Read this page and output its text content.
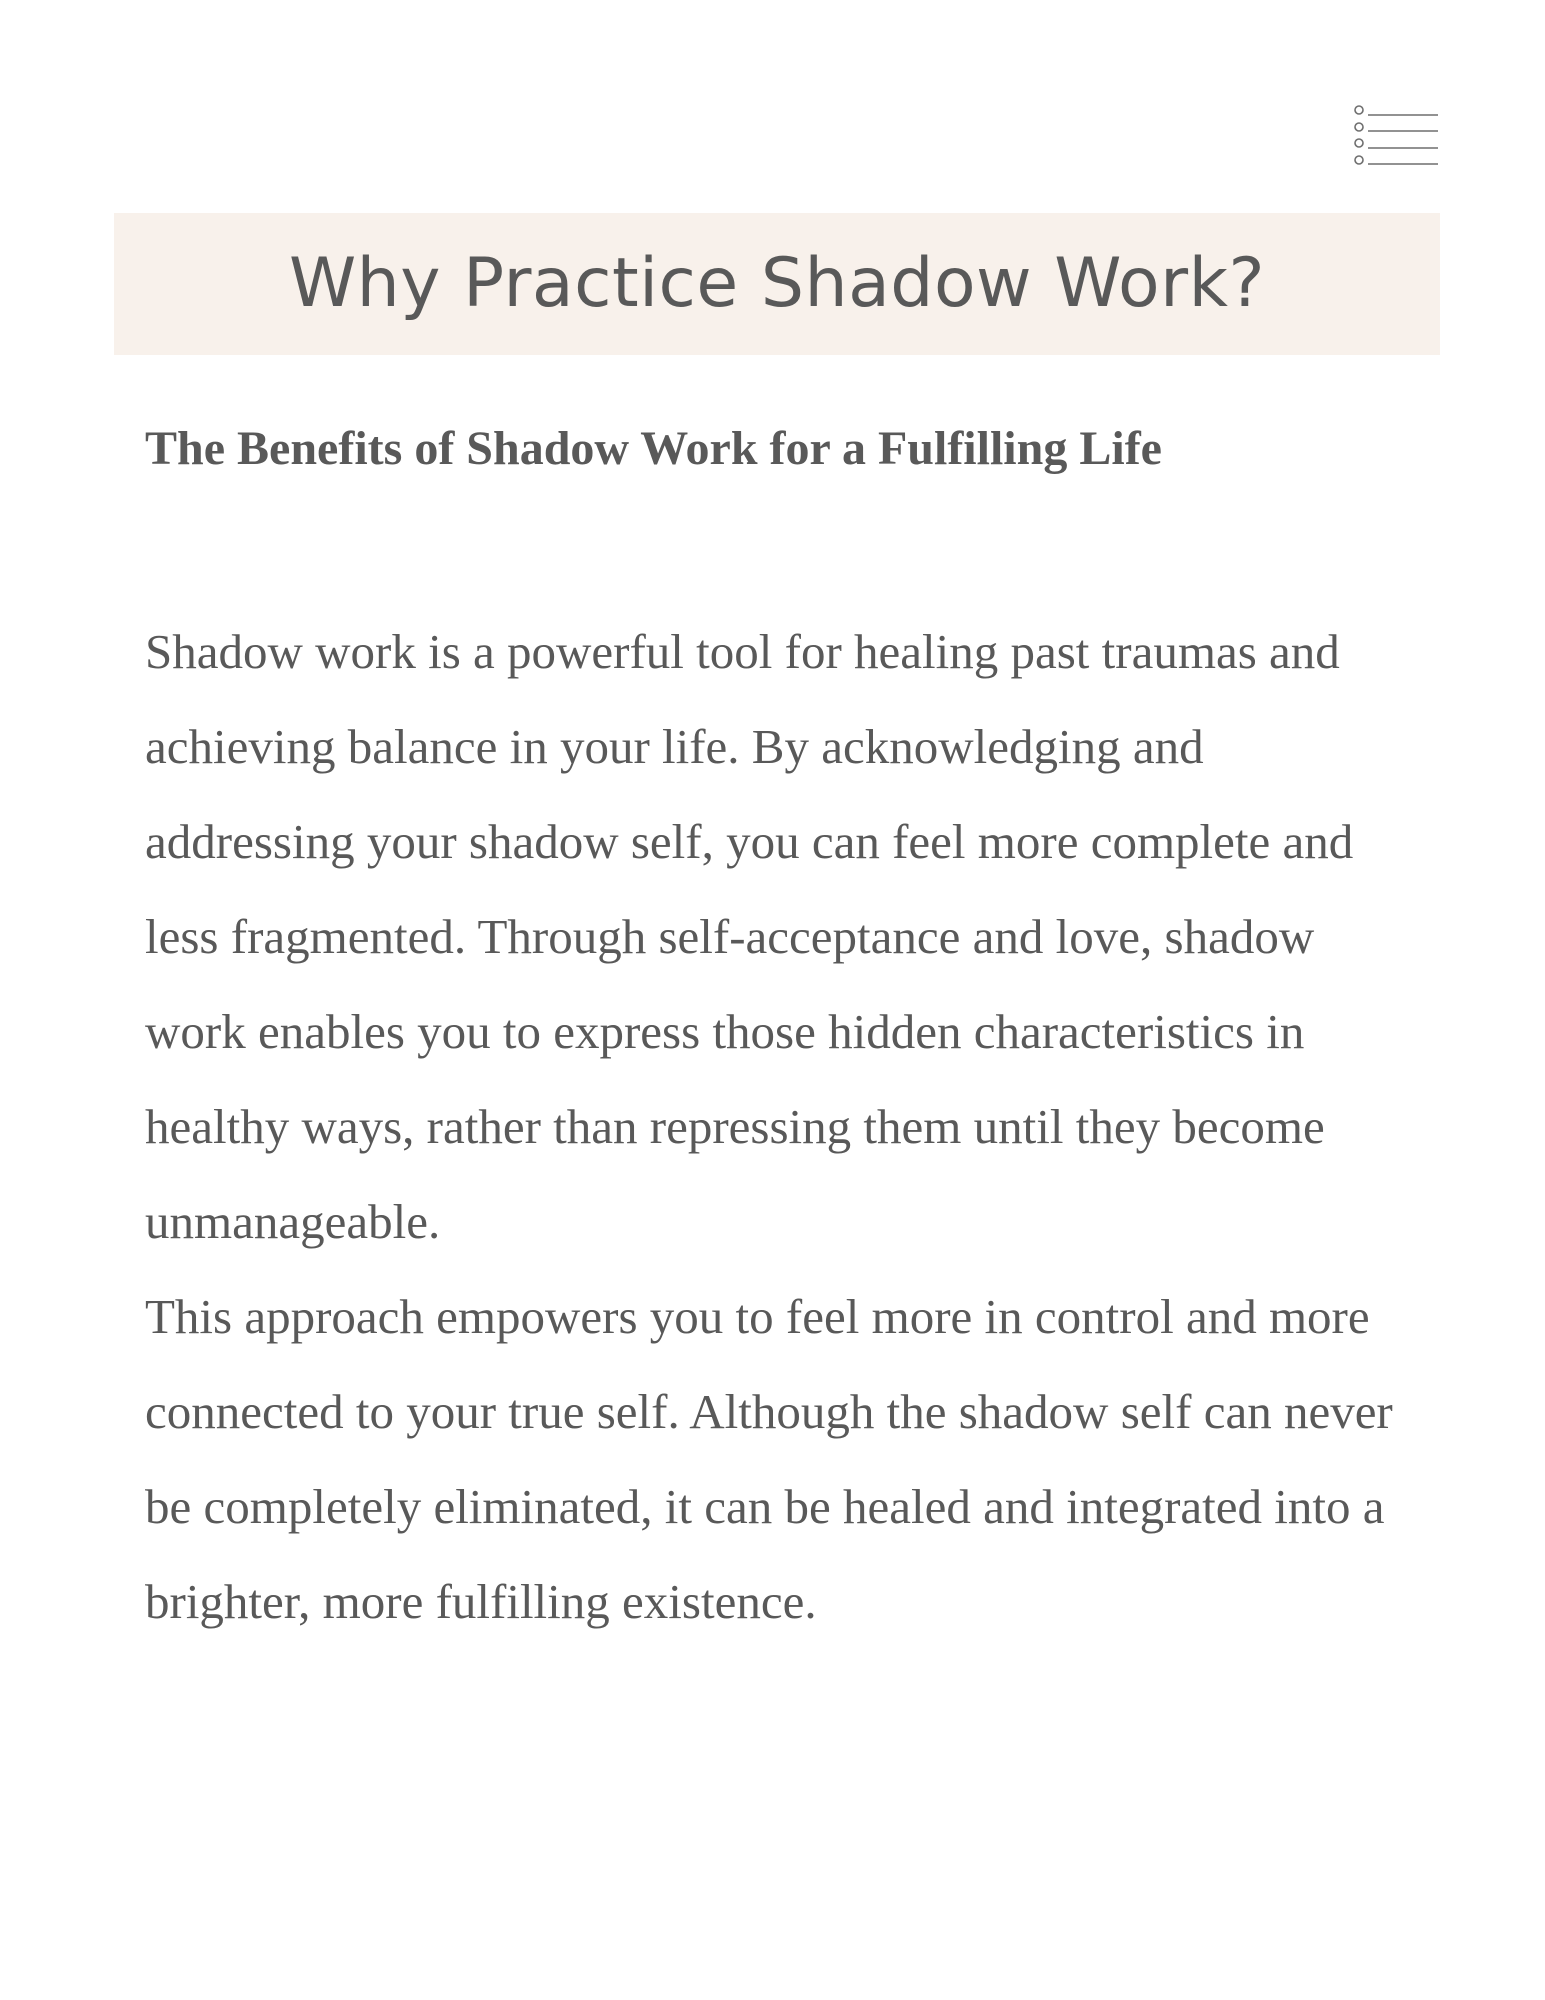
Why Practice Shadow Work?
The Benefits of Shadow Work for a Fulfilling Life

Shadow work is a powerful tool for healing past traumas and achieving balance in your life. By acknowledging and addressing your shadow self, you can feel more complete and less fragmented. Through self-acceptance and love, shadow work enables you to express those hidden characteristics in healthy ways, rather than repressing them until they become unmanageable.

This approach empowers you to feel more in control and more connected to your true self. Although the shadow self can never be completely eliminated, it can be healed and integrated into a brighter, more fulfilling existence.
